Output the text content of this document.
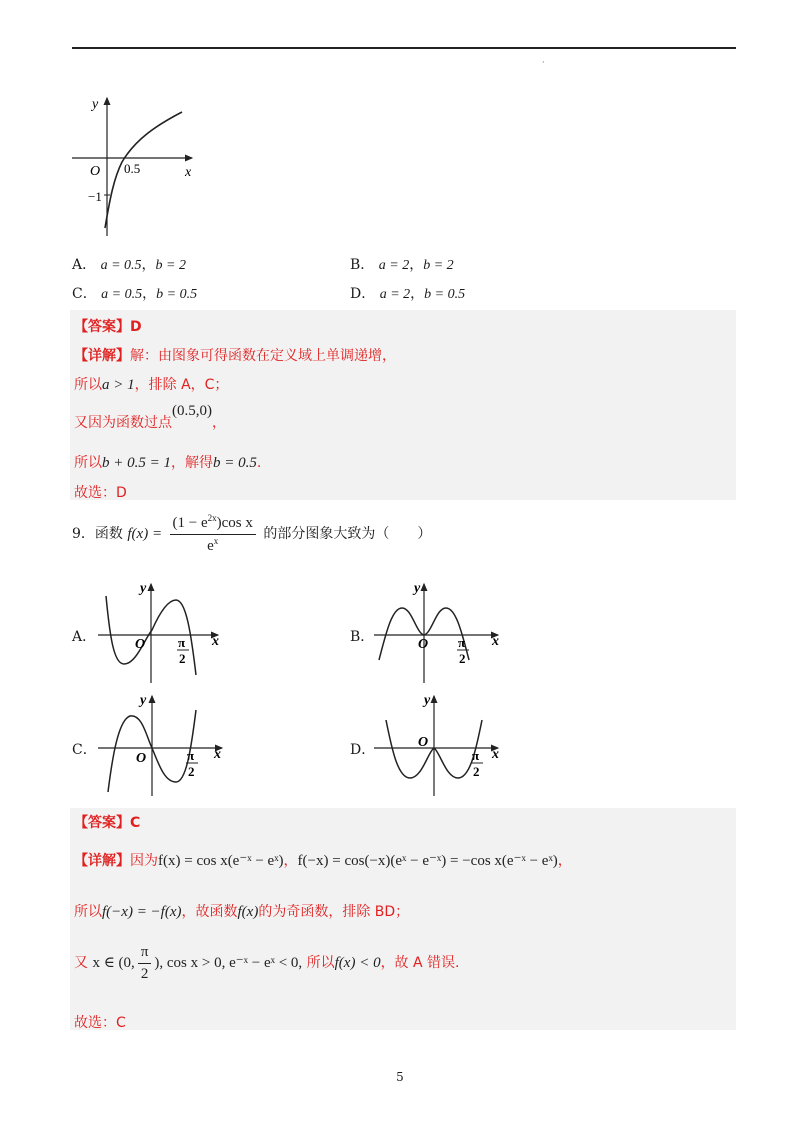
·
y
x
O 0.5
−1
A． a = 0.5，b = 2	B． a = 2，b = 2
C． a = 0.5，b = 0.5	D． a = 2，b = 0.5
【答案】D
【详解】解：由图象可得函数在定义域上单调递增，
所以a > 1，排除 A，C；
又因为函数过点(0.5,0)，
所以b + 0.5 = 1，解得b = 0.5.
故选：D
9．函数 $f(x) = \frac{(1 - e^{2x})\cos x}{e^x}$ 的部分图象大致为（　　）
A．	B．
C．	D．
y
x
O	π
2
y
x
O π
2
y
x
O	π
2
y
x
O
π
2
【答案】C
【详解】因为f(x) = cos x(e⁻ˣ − eˣ)，f(−x) = cos(−x)(eˣ − e⁻ˣ) = −cos x(e⁻ˣ − eˣ)，
所以f(−x) = −f(x)，故函数f(x)的为奇函数，排除 BD；
又 x ∈ (0, $\frac{\pi}{2}$ ), cos x > 0, e⁻ˣ − eˣ < 0, 所以f(x) < 0，故 A 错误.
故选：C
5
